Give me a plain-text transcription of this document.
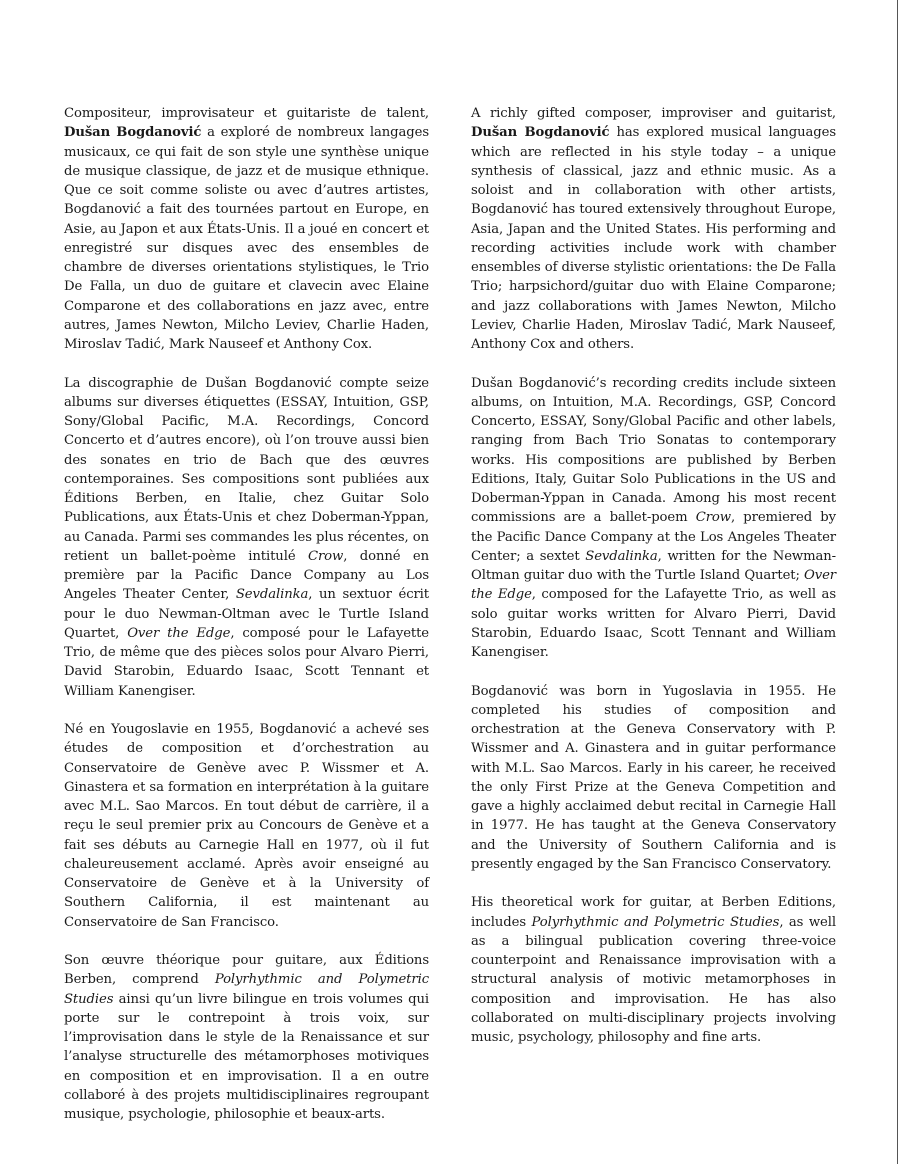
Compositeur, improvisateur et guitariste de talent, Dušan Bogdanović a exploré de nombreux langages musicaux, ce qui fait de son style une synthèse unique de musique classique, de jazz et de musique ethnique. Que ce soit comme soliste ou avec d’autres artistes, Bogdanović a fait des tournées partout en Europe, en Asie, au Japon et aux États-Unis. Il a joué en concert et enregistré sur disques avec des ensembles de chambre de diverses orientations stylistiques, le Trio De Falla, un duo de guitare et clavecin avec Elaine Comparone et des collaborations en jazz avec, entre autres, James Newton, Milcho Leviev, Charlie Haden, Miroslav Tadić, Mark Nauseef et Anthony Cox.

La discographie de Dušan Bogdanović compte seize albums sur diverses étiquettes (ESSAY, Intuition, GSP, Sony/Global Pacific, M.A. Recordings, Concord Concerto et d’autres encore), où l’on trouve aussi bien des sonates en trio de Bach que des œuvres contemporaines. Ses compositions sont publiées aux Éditions Berben, en Italie, chez Guitar Solo Publications, aux États-Unis et chez Doberman-Yppan, au Canada. Parmi ses commandes les plus récentes, on retient un ballet-poème intitulé Crow, donné en première par la Pacific Dance Company au Los Angeles Theater Center, Sevdalinka, un sextuor écrit pour le duo Newman-Oltman avec le Turtle Island Quartet, Over the Edge, composé pour le Lafayette Trio, de même que des pièces solos pour Alvaro Pierri, David Starobin, Eduardo Isaac, Scott Tennant et William Kanengiser.

Né en Yougoslavie en 1955, Bogdanović a achevé ses études de composition et d’orchestration au Conservatoire de Genève avec P. Wissmer et A. Ginastera et sa formation en interprétation à la guitare avec M.L. Sao Marcos. En tout début de carrière, il a reçu le seul premier prix au Concours de Genève et a fait ses débuts au Carnegie Hall en 1977, où il fut chaleureusement acclamé. Après avoir enseigné au Conservatoire de Genève et à la University of Southern California, il est maintenant au Conservatoire de San Francisco.

Son œuvre théorique pour guitare, aux Éditions Berben, comprend Polyrhythmic and Polymetric Studies ainsi qu’un livre bilingue en trois volumes qui porte sur le contrepoint à trois voix, sur l’improvisation dans le style de la Renaissance et sur l’analyse structurelle des métamorphoses motiviques en composition et en improvisation. Il a en outre collaboré à des projets multidisciplinaires regroupant musique, psychologie, philosophie et beaux-arts.

A richly gifted composer, improviser and guitarist, Dušan Bogdanović has explored musical languages which are reflected in his style today – a unique synthesis of classical, jazz and ethnic music. As a soloist and in collaboration with other artists, Bogdanović has toured extensively throughout Europe, Asia, Japan and the United States. His performing and recording activities include work with chamber ensembles of diverse stylistic orientations: the De Falla Trio; harpsichord/guitar duo with Elaine Comparone; and jazz collaborations with James Newton, Milcho Leviev, Charlie Haden, Miroslav Tadić, Mark Nauseef, Anthony Cox and others.

Dušan Bogdanović’s recording credits include sixteen albums, on Intuition, M.A. Recordings, GSP, Concord Concerto, ESSAY, Sony/Global Pacific and other labels, ranging from Bach Trio Sonatas to contemporary works. His compositions are published by Berben Editions, Italy, Guitar Solo Publications in the US and Doberman-Yppan in Canada. Among his most recent commissions are a ballet-poem Crow, premiered by the Pacific Dance Company at the Los Angeles Theater Center; a sextet Sevdalinka, written for the Newman-Oltman guitar duo with the Turtle Island Quartet; Over the Edge, composed for the Lafayette Trio, as well as solo guitar works written for Alvaro Pierri, David Starobin, Eduardo Isaac, Scott Tennant and William Kanengiser.

Bogdanović was born in Yugoslavia in 1955. He completed his studies of composition and orchestration at the Geneva Conservatory with P. Wissmer and A. Ginastera and in guitar performance with M.L. Sao Marcos. Early in his career, he received the only First Prize at the Geneva Competition and gave a highly acclaimed debut recital in Carnegie Hall in 1977. He has taught at the Geneva Conservatory and the University of Southern California and is presently engaged by the San Francisco Conservatory.

His theoretical work for guitar, at Berben Editions, includes Polyrhythmic and Polymetric Studies, as well as a bilingual publication covering three-voice counterpoint and Renaissance improvisation with a structural analysis of motivic metamorphoses in composition and improvisation. He has also collaborated on multi-disciplinary projects involving music, psychology, philosophy and fine arts.
